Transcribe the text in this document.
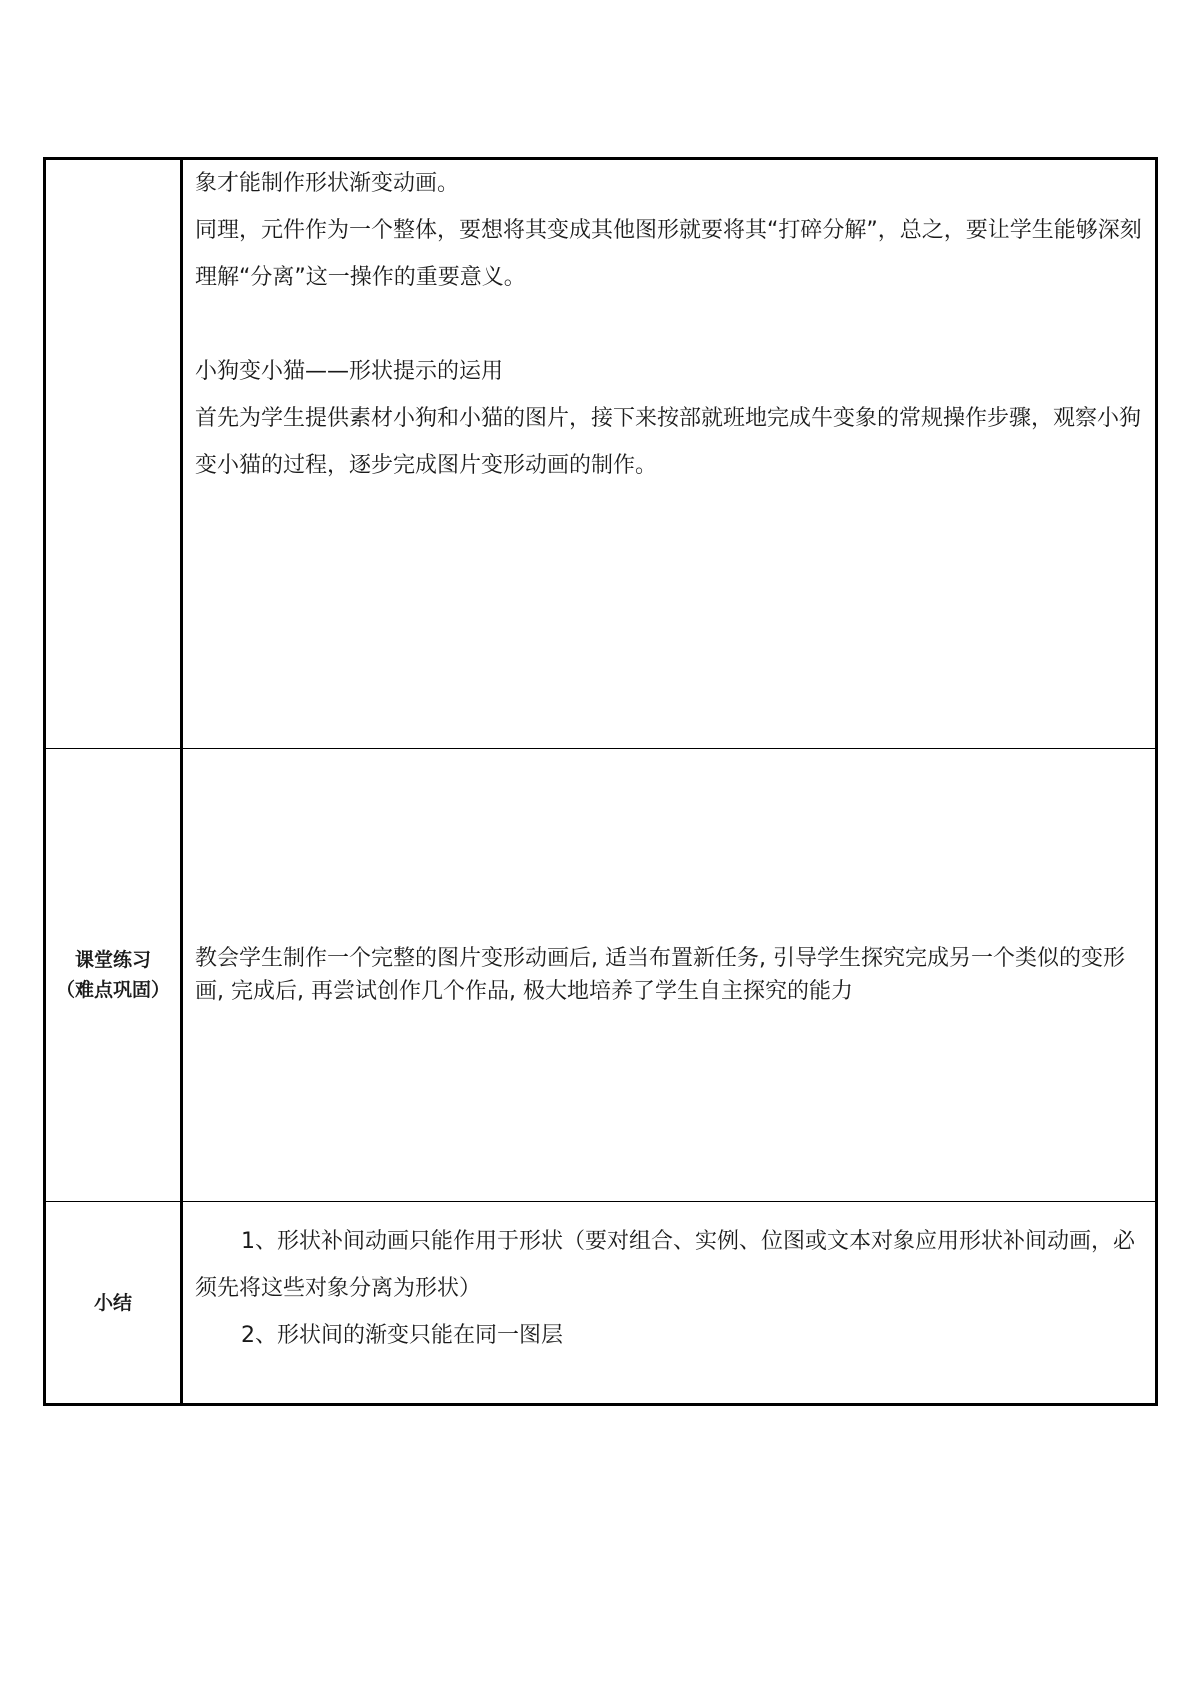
	象才能制作形状渐变动画。

同理，元件作为一个整体，要想将其变成其他图形就要将其“打碎分解”，总之，要让学生能够深刻理解“分离”这一操作的重要意义。

小狗变小猫——形状提示的运用

首先为学生提供素材小狗和小猫的图片，接下来按部就班地完成牛变象的常规操作步骤，观察小狗变小猫的过程，逐步完成图片变形动画的制作。

课堂练习
（难点巩固）	教会学生制作一个完整的图片变形动画后, 适当布置新任务, 引导学生探究完成另一个类似的变形画, 完成后, 再尝试创作几个作品, 极大地培养了学生自主探究的能力

小结	1、形状补间动画只能作用于形状（要对组合、实例、位图或文本对象应用形状补间动画，必须先将这些对象分离为形状）

2、形状间的渐变只能在同一图层
